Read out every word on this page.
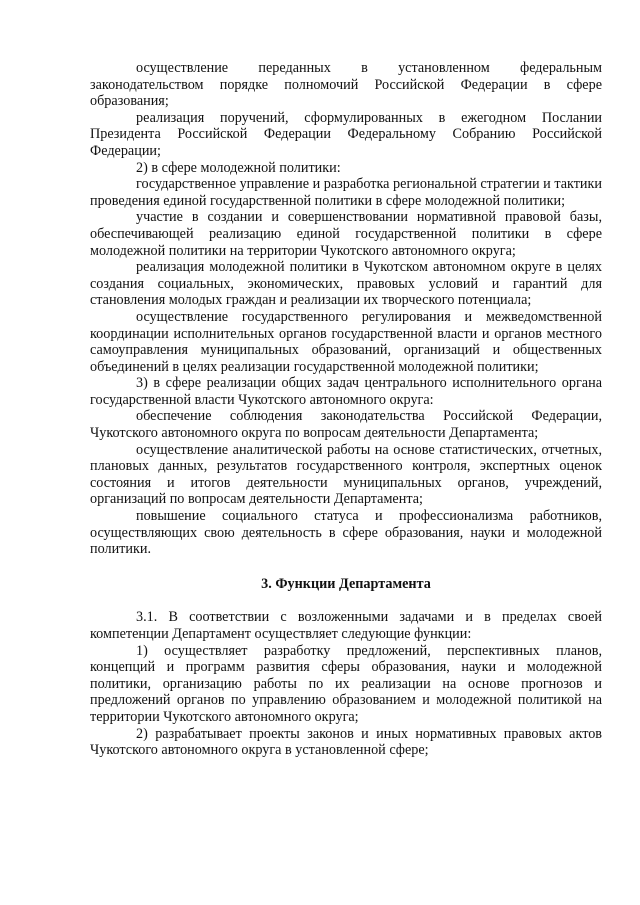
осуществление переданных в установленном федеральным законодательством порядке полномочий Российской Федерации в сфере образования;

реализация поручений, сформулированных в ежегодном Послании Президента Российской Федерации Федеральному Собранию Российской Федерации;

2) в сфере молодежной политики:

государственное управление и разработка региональной стратегии и тактики проведения единой государственной политики в сфере молодежной политики;

участие в создании и совершенствовании нормативной правовой базы, обеспечивающей реализацию единой государственной политики в сфере молодежной политики на территории Чукотского автономного округа;

реализация молодежной политики в Чукотском автономном округе в целях создания социальных, экономических, правовых условий и гарантий для становления молодых граждан и реализации их творческого потенциала;

осуществление государственного регулирования и межведомственной координации исполнительных органов государственной власти и органов местного самоуправления муниципальных образований, организаций и общественных объединений в целях реализации государственной молодежной политики;

3) в сфере реализации общих задач центрального исполнительного органа государственной власти Чукотского автономного округа:

обеспечение соблюдения законодательства Российской Федерации, Чукотского автономного округа по вопросам деятельности Департамента;

осуществление аналитической работы на основе статистических, отчетных, плановых данных, результатов государственного контроля, экспертных оценок состояния и итогов деятельности муниципальных органов, учреждений, организаций по вопросам деятельности Департамента;

повышение социального статуса и профессионализма работников, осуществляющих свою деятельность в сфере образования, науки и молодежной политики.

3. Функции Департамента

3.1. В соответствии с возложенными задачами и в пределах своей компетенции Департамент осуществляет следующие функции:

1) осуществляет разработку предложений, перспективных планов, концепций и программ развития сферы образования, науки и молодежной политики, организацию работы по их реализации на основе прогнозов и предложений органов по управлению образованием и молодежной политикой на территории Чукотского автономного округа;

2) разрабатывает проекты законов и иных нормативных правовых актов Чукотского автономного округа в установленной сфере;
